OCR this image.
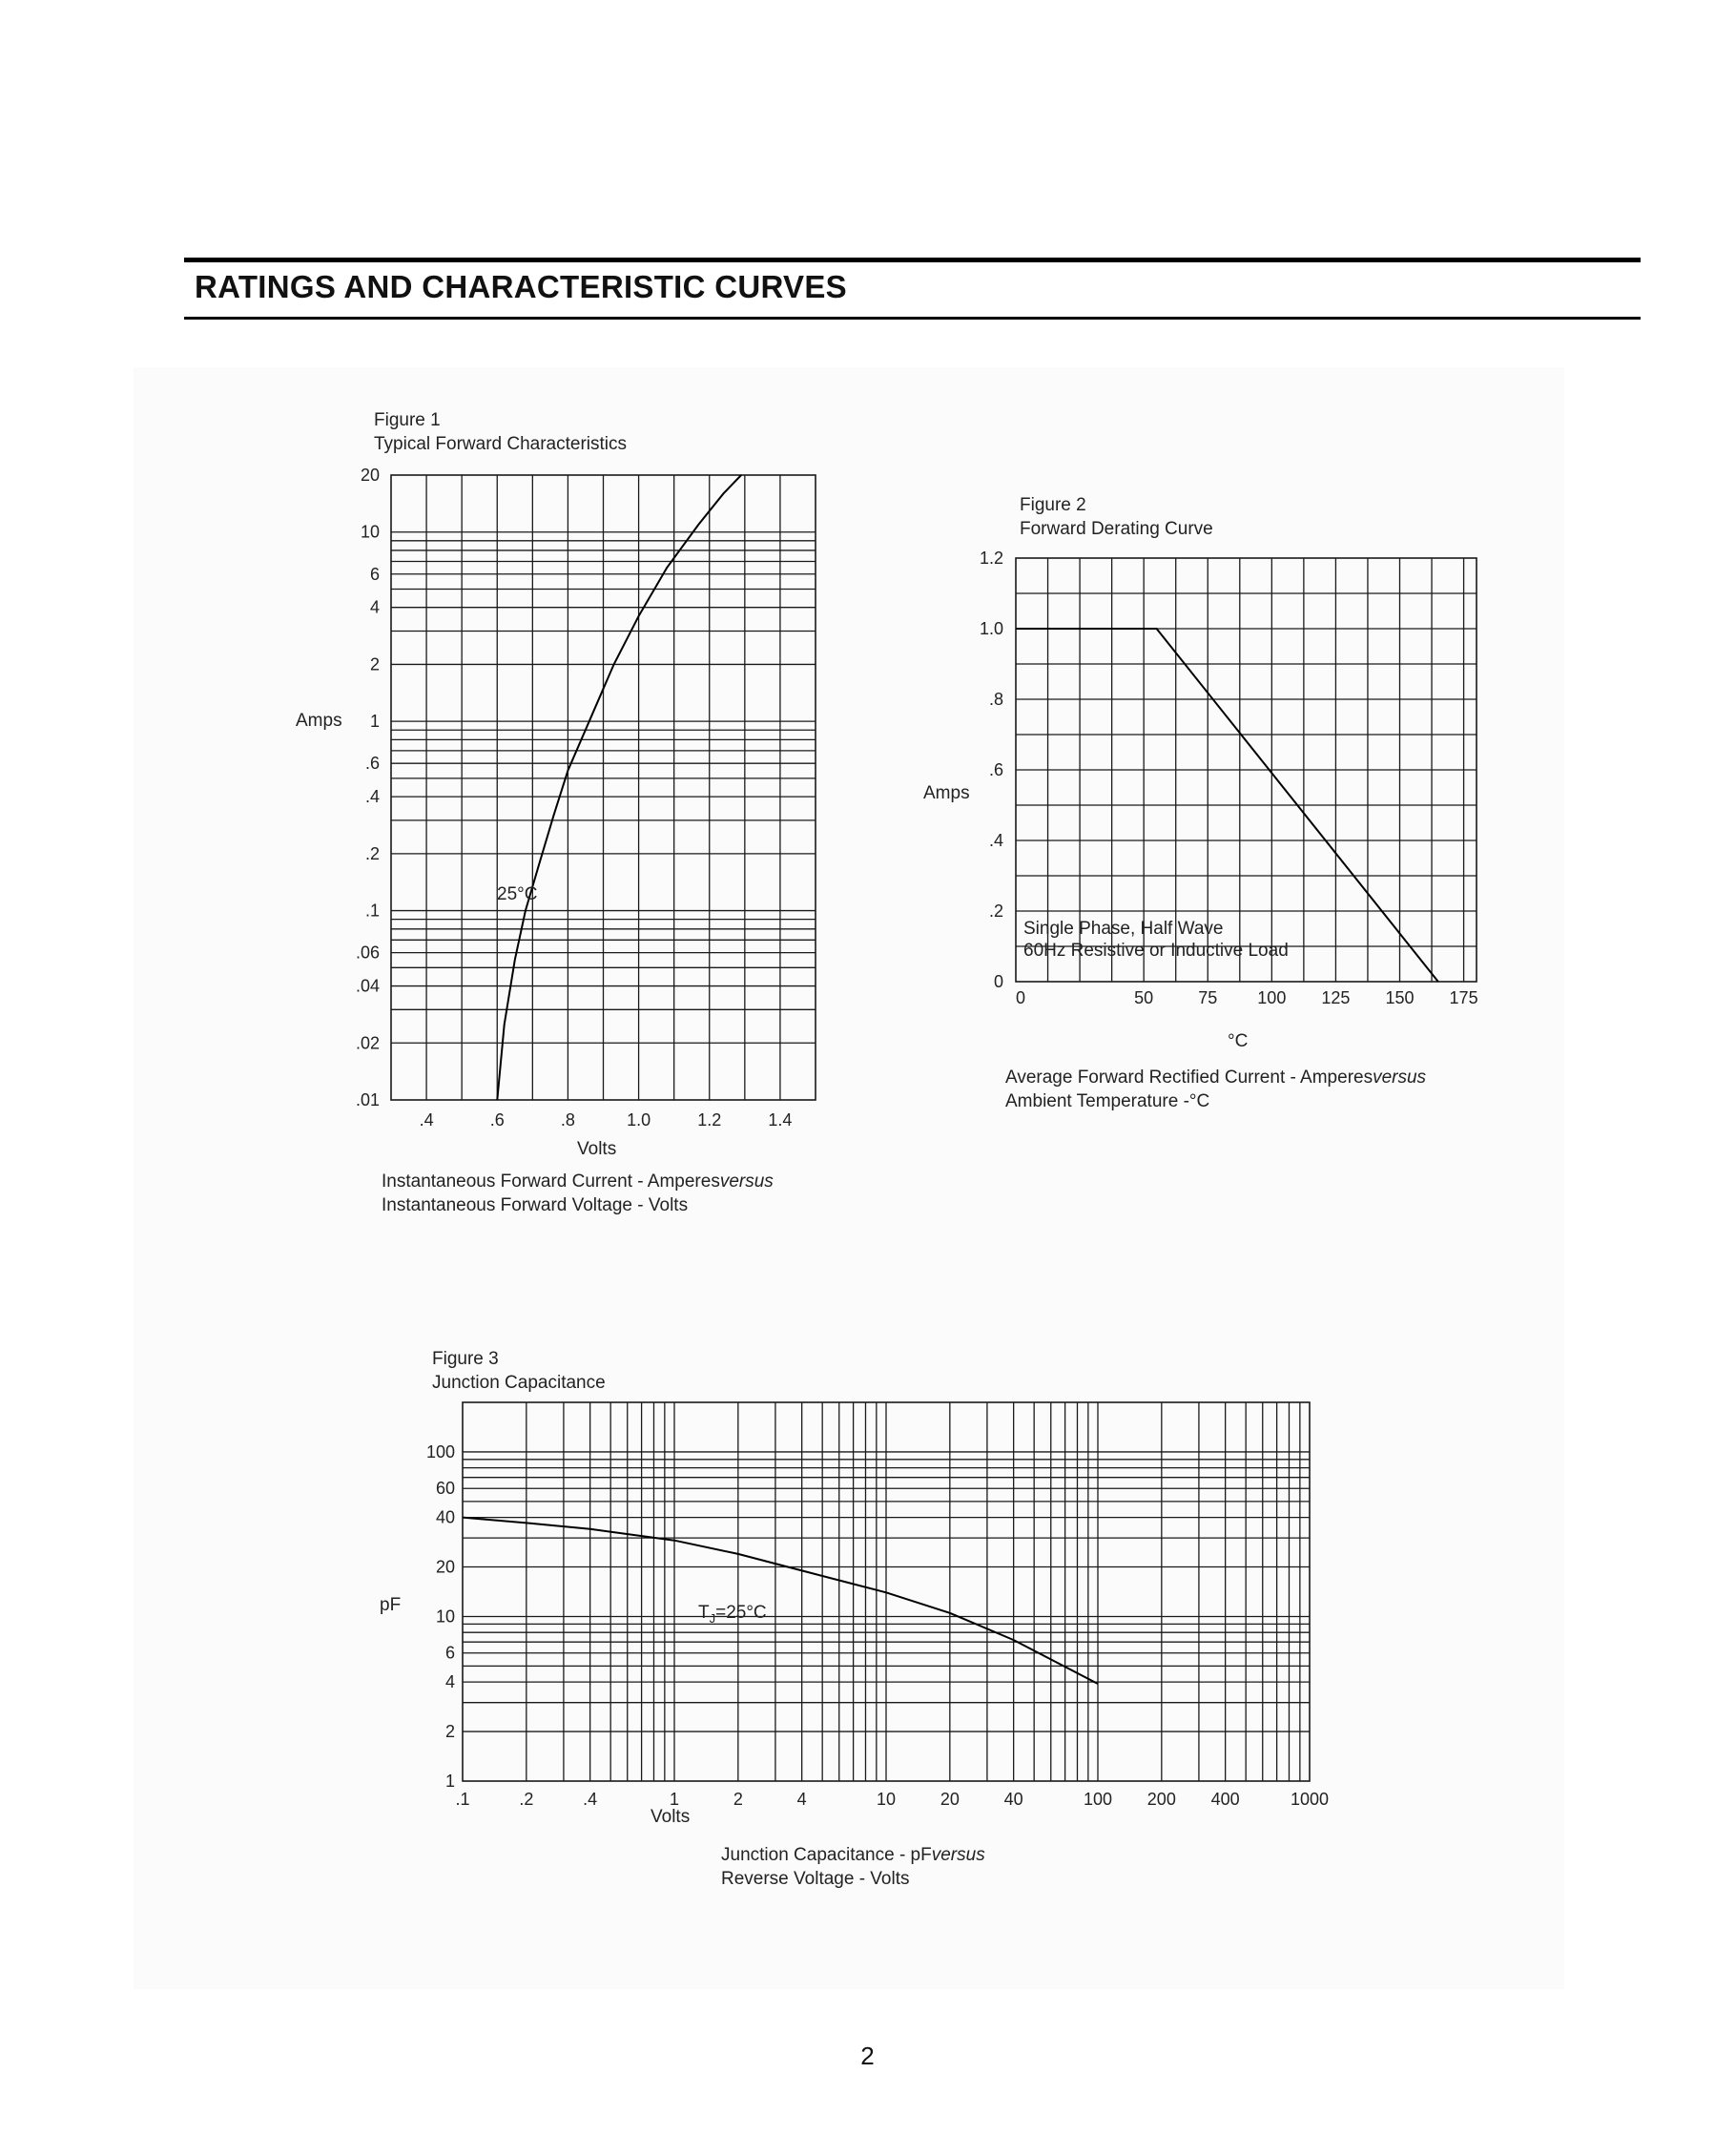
RATINGS AND CHARACTERISTIC CURVES
Figure 1
Typical Forward Characteristics
20
10
6
4
2
1
.6
.4
.2
.1
.06
.04
.02
.01
.4	.6	.8	1.0	1.2	1.4
25°C
Amps
Volts
Instantaneous Forward Current - Amperesversus
Instantaneous Forward Voltage - Volts
Figure 2
Forward Derating Curve
0
.2
.4
.6
.8
1.0
1.2
0	50	75 100 125 150 175
Single Phase, Half Wave
60Hz Resistive or Inductive Load
Amps
°C
Average Forward Rectified Current - Amperesversus
Ambient Temperature -°C
Figure 3
Junction Capacitance
100
60
40
20
10
6
4
2
1
.1	.2	.4	1	2	4	10	20	40	100 200 400	1000
$T_J=25^\circ C$
pF
Volts
Junction Capacitance - pFversus
Reverse Voltage - Volts
2
